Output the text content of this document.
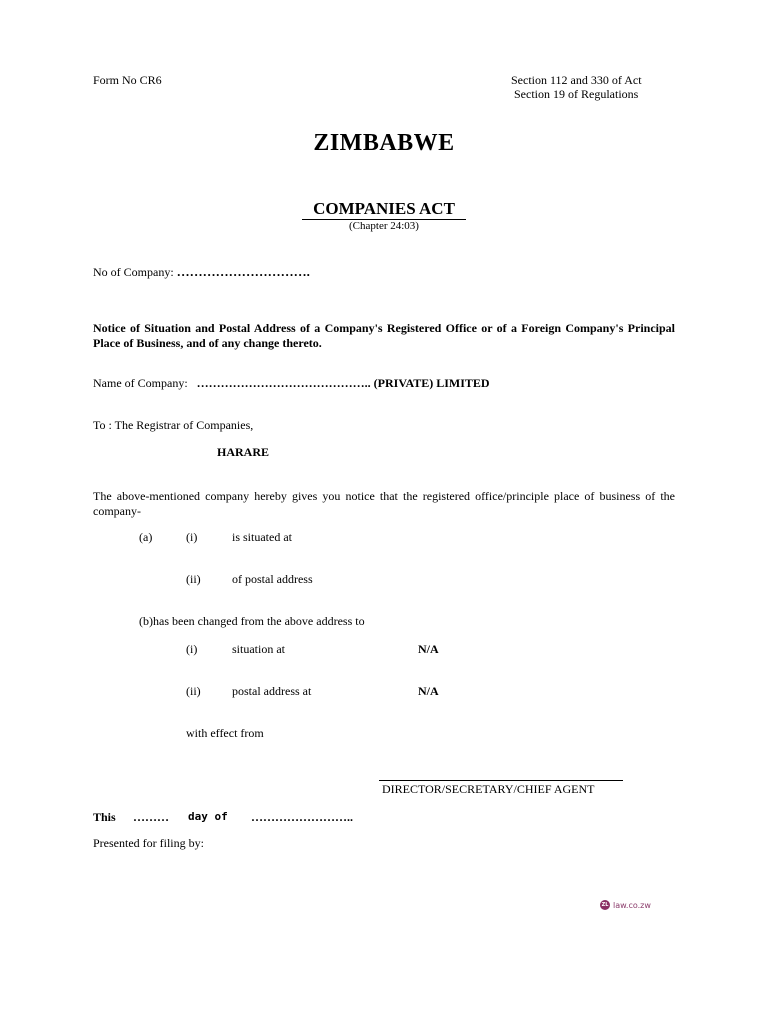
Form No CR6	Section 112 and 330 of Act
Section 19 of Regulations
ZIMBABWE
COMPANIES ACT
(Chapter 24:03)
No of Company: ………………………….
Notice of Situation and Postal Address of a Company's Registered Office or of a Foreign Company's Principal Place of Business, and of any change thereto.
Name of Company: …………………………………….. (PRIVATE) LIMITED
To : The Registrar of Companies,
HARARE
The above-mentioned company hereby gives you notice that the registered office/principle place of business of the company-
(a)	(i)	is situated at
(ii)	of postal address
(b)has been changed from the above address to
(i)	situation at	N/A
(ii)	postal address at	N/A
with effect from
DIRECTOR/SECRETARY/CHIEF AGENT
This ……… day of ……………………..
Presented for filing by:
ZL law.co.zw
